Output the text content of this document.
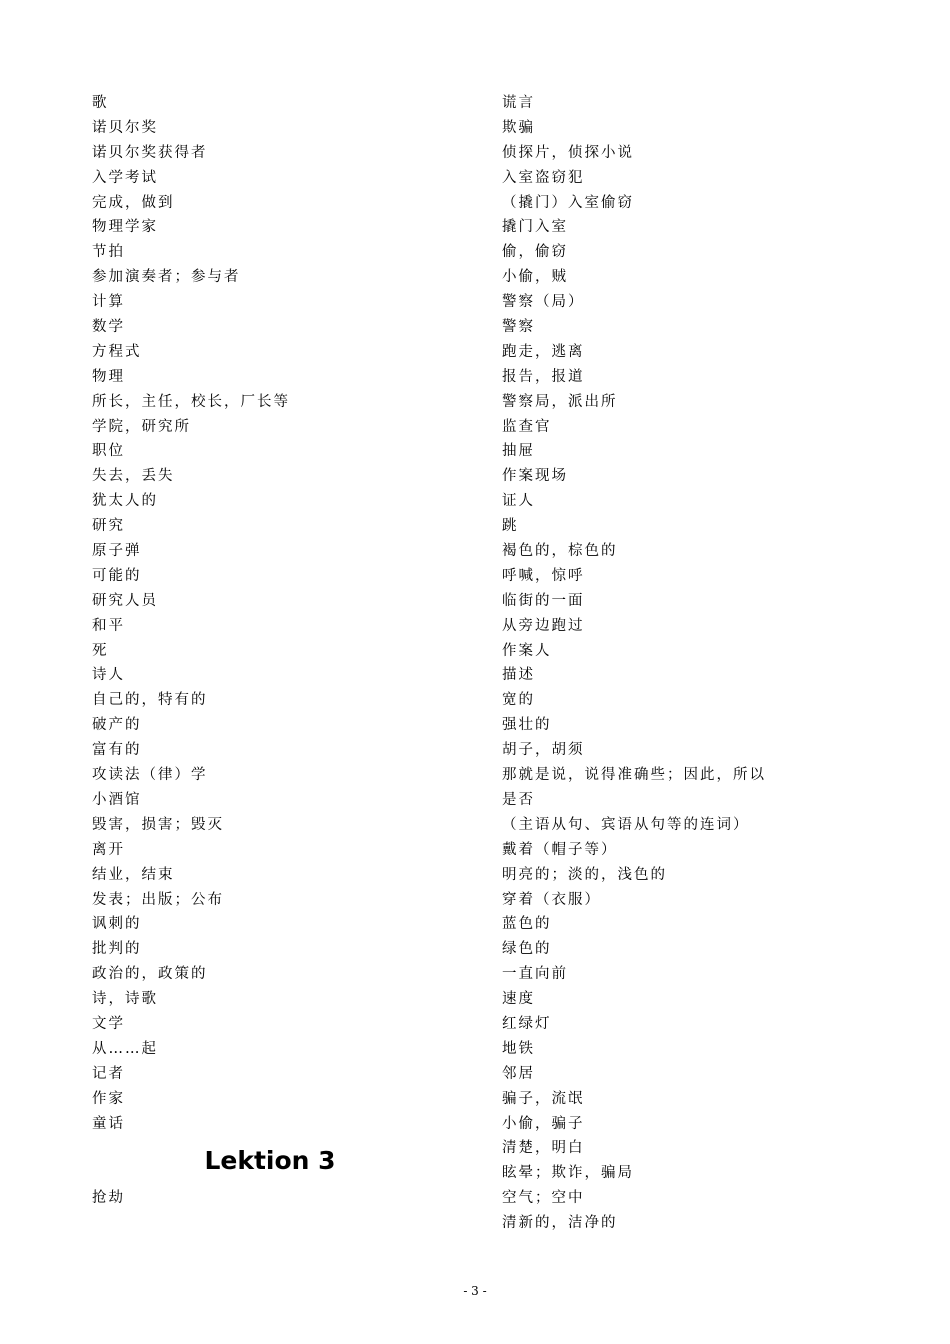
歌
诺贝尔奖
诺贝尔奖获得者
入学考试
完成，做到
物理学家
节拍
参加演奏者；参与者
计算
数学
方程式
物理
所长，主任，校长，厂长等
学院，研究所
职位
失去，丢失
犹太人的
研究
原子弹
可能的
研究人员
和平
死
诗人
自己的，特有的
破产的
富有的
攻读法（律）学
小酒馆
毁害，损害；毁灭
离开
结业，结束
发表；出版；公布
讽刺的
批判的
政治的，政策的
诗，诗歌
文学
从……起
记者
作家
童话
Lektion 3
抢劫
谎言
欺骗
侦探片，侦探小说
入室盗窃犯
（撬门）入室偷窃
撬门入室
偷，偷窃
小偷，贼
警察（局）
警察
跑走，逃离
报告，报道
警察局，派出所
监查官
抽屉
作案现场
证人
跳
褐色的，棕色的
呼喊，惊呼
临街的一面
从旁边跑过
作案人
描述
宽的
强壮的
胡子，胡须
那就是说，说得准确些；因此，所以
是否
（主语从句、宾语从句等的连词）
戴着（帽子等）
明亮的；淡的，浅色的
穿着（衣服）
蓝色的
绿色的
一直向前
速度
红绿灯
地铁
邻居
骗子，流氓
小偷，骗子
清楚，明白
眩晕；欺诈，骗局
空气；空中
清新的，洁净的
- 3 -
